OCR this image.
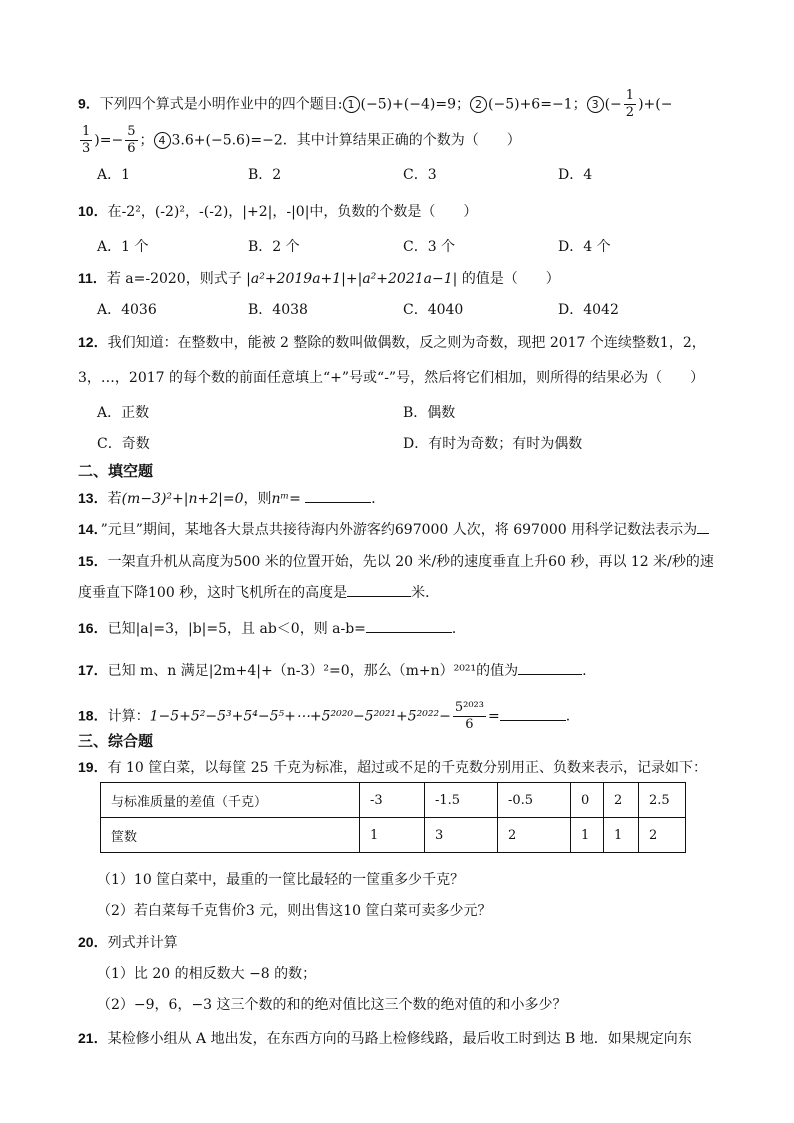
9．下列四个算式是小明作业中的四个题目: 1 (−5)+(−4)=9； 2 (−5)+6=−1； 3 (− $\frac{1}{2}$ )+(−
$\frac{1}{3}$ )=− $\frac{5}{6}$ ； 4 3.6+(−5.6)=−2．其中计算结果正确的个数为（　　）
A．1	B．2	C．3	D．4
10．在-2²，(-2)²，-(-2)，|+2|，-|0|中，负数的个数是（　　）
A．1 个	B．2 个	C．3 个	D．4 个
11．若 a=-2020，则式子 |a²+2019a+1|+|a²+2021a−1| 的值是（　　）
A．4036	B．4038	C．4040	D．4042
12．我们知道：在整数中，能被 2 整除的数叫做偶数，反之则为奇数，现把 2017 个连续整数1，2，
3，…，2017 的每个数的前面任意填上“+”号或“-”号，然后将它们相加，则所得的结果必为（　　）
A．正数	B．偶数
C．奇数	D．有时为奇数；有时为偶数
二、填空题
13．若(m−3)²+|n+2|=0，则nᵐ=	．
14．”元旦”期间，某地各大景点共接待海内外游客约697000 人次，将 697000 用科学记数法表示为
15．一架直升机从高度为500 米的位置开始，先以 20 米/秒的速度垂直上升60 秒，再以 12 米/秒的速
度垂直下降100 秒，这时飞机所在的高度是	米．
16．已知|a|=3，|b|=5，且 ab＜0，则 a-b=	．
17．已知 m、n 满足|2m+4|+（n-3）²=0，那么（m+n）²⁰²¹的值为	.
18．计算：1−5+5²−5³+5⁴−5⁵+⋯+5²⁰²⁰−5²⁰²¹+5²⁰²²− $\frac{\text{5²⁰²³}}{6}$ =	.
三、综合题
19．有 10 筐白菜，以每筐 25 千克为标准，超过或不足的千克数分别用正、负数来表示，记录如下：
与标准质量的差值（千克）	-3	-1.5	-0.5	0	2	2.5
筐数	1	3	2	1	1	2
（1）10 筐白菜中，最重的一筐比最轻的一筐重多少千克？
（2）若白菜每千克售价3 元，则出售这10 筐白菜可卖多少元？
20．列式并计算
（1）比 20 的相反数大 −8 的数；
（2）−9，6，−3 这三个数的和的绝对值比这三个数的绝对值的和小多少？
21．某检修小组从 A 地出发，在东西方向的马路上检修线路，最后收工时到达 B 地．如果规定向东
